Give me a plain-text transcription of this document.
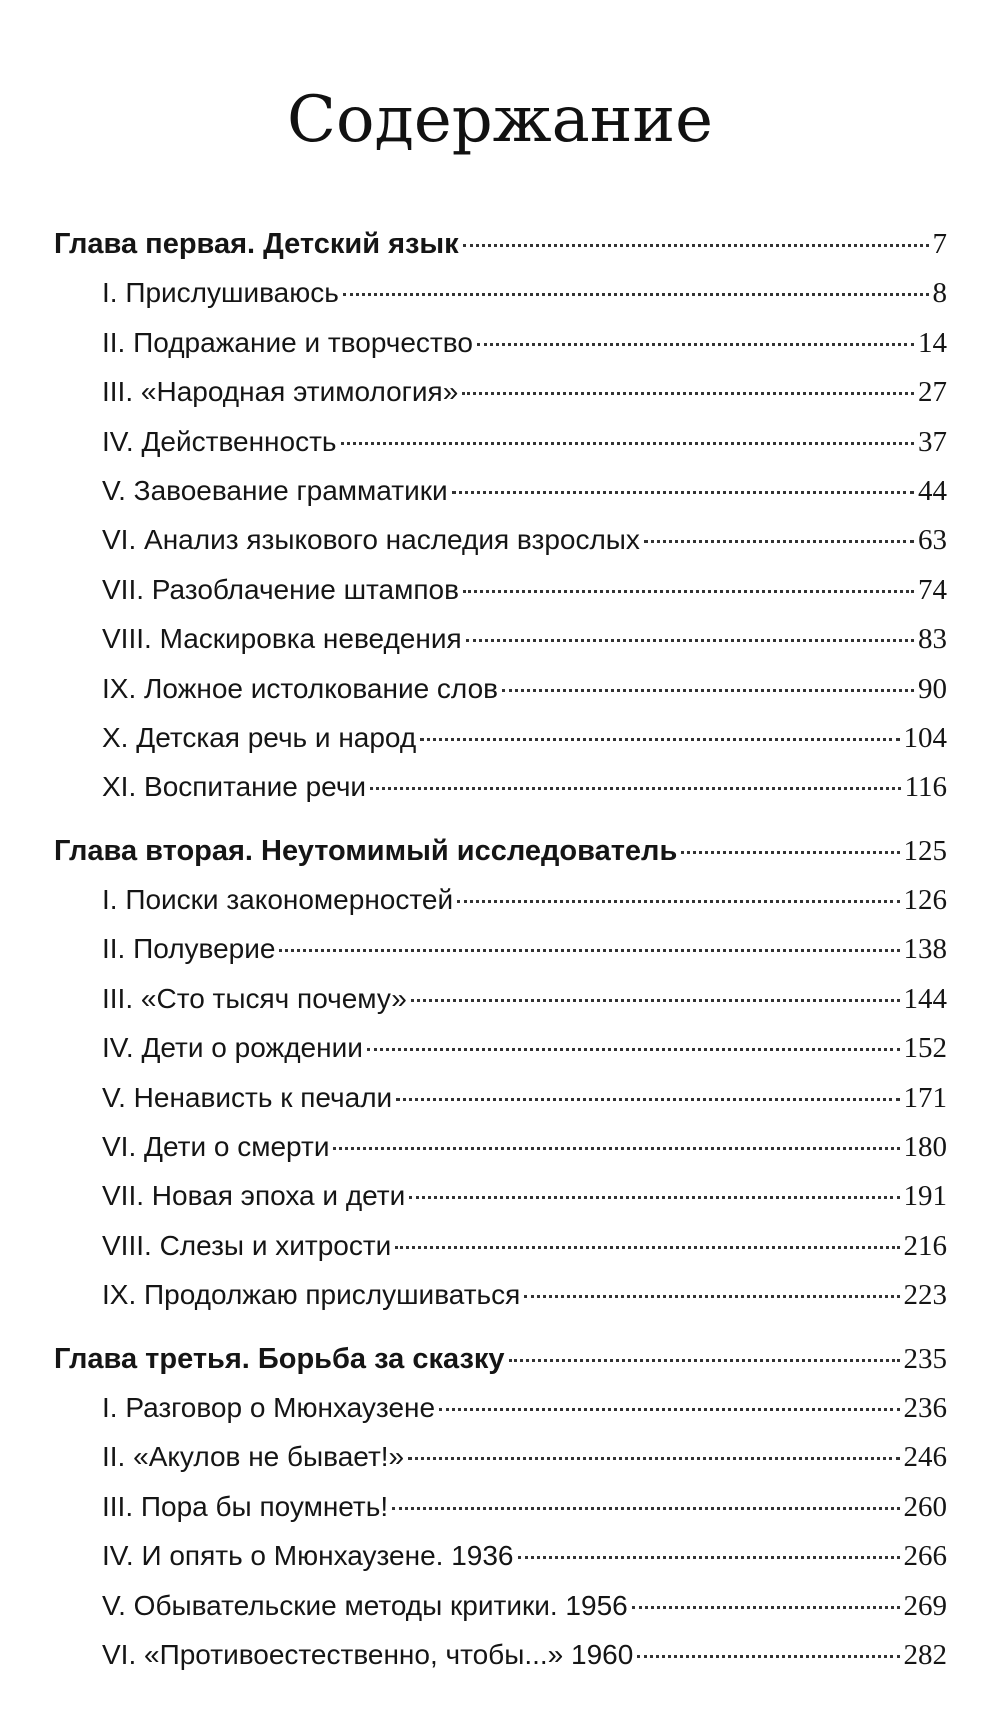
Содержание
Глава первая. Детский язык	7
I. Прислушиваюсь	8
II. Подражание и творчество	14
III. «Народная этимология»	27
IV. Действенность	37
V. Завоевание грамматики	44
VI. Анализ языкового наследия взрослых	63
VII. Разоблачение штампов	74
VIII. Маскировка неведения	83
IX. Ложное истолкование слов	90
X. Детская речь и народ	104
XI. Воспитание речи	116
Глава вторая. Неутомимый исследователь	125
I. Поиски закономерностей	126
II. Полуверие	138
III. «Сто тысяч почему»	144
IV. Дети о рождении	152
V. Ненависть к печали	171
VI. Дети о смерти	180
VII. Новая эпоха и дети	191
VIII. Слезы и хитрости	216
IX. Продолжаю прислушиваться	223
Глава третья. Борьба за сказку	235
I. Разговор о Мюнхаузене	236
II. «Акулов не бывает!»	246
III. Пора бы поумнеть!	260
IV. И опять о Мюнхаузене. 1936	266
V. Обывательские методы критики. 1956	269
VI. «Противоестественно, чтобы...» 1960	282
